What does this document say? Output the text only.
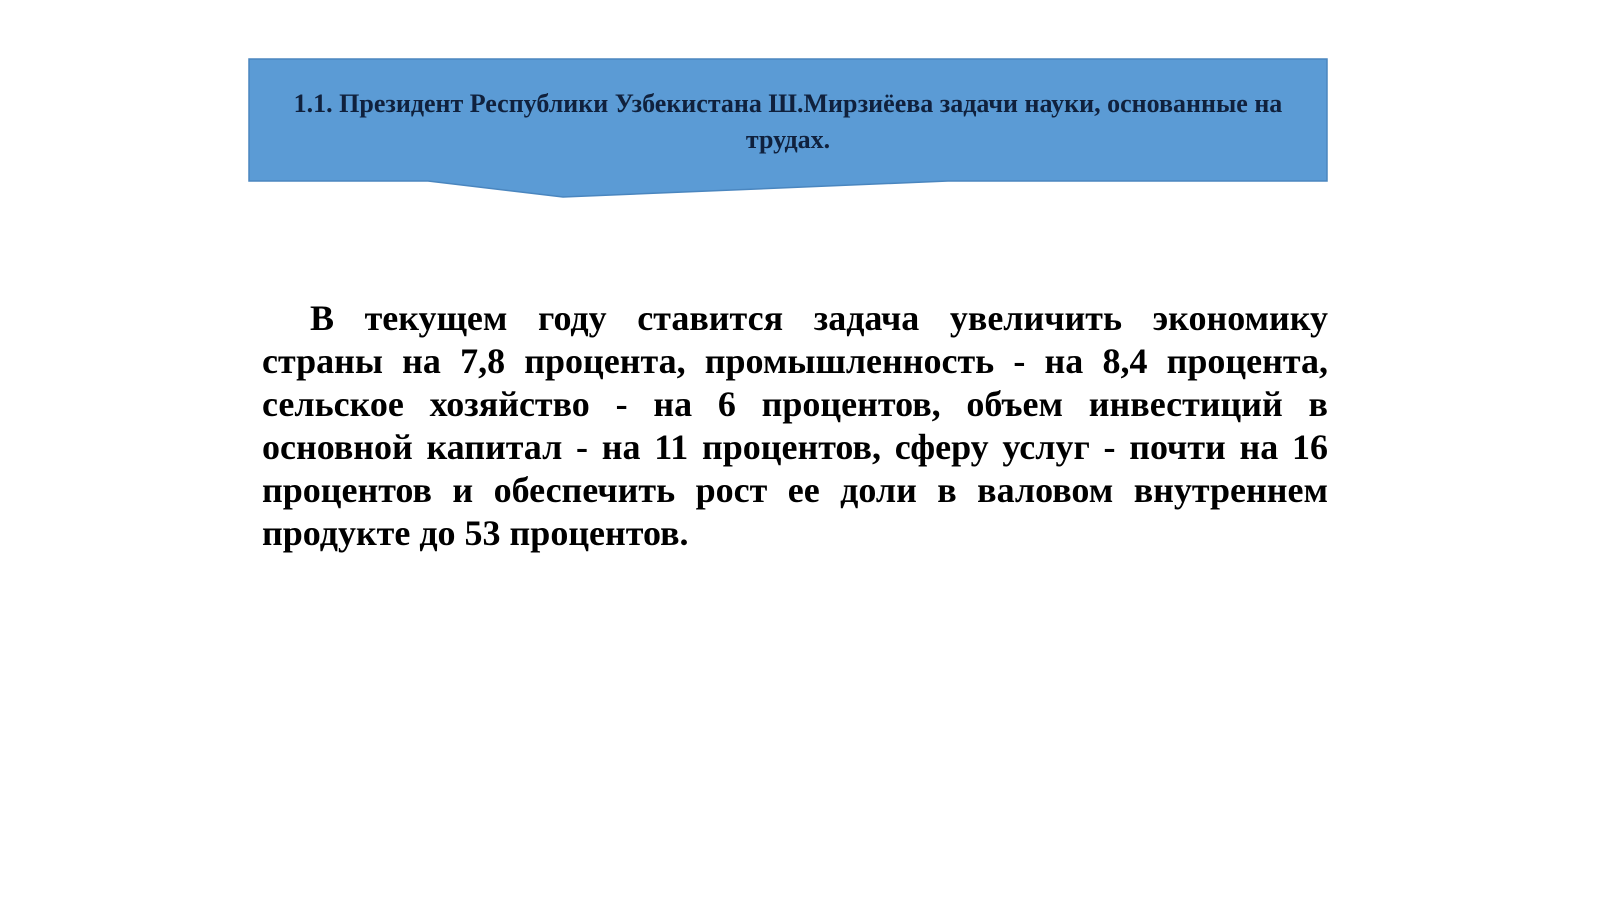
1.1. Президент Республики Узбекистана Ш.Мирзиёева задачи науки, основанные на трудах.

В текущем году ставится задача увеличить экономику страны на 7,8 процента, промышленность - на 8,4 процента, сельское хозяйство - на 6 процентов, объем инвестиций в основной капитал - на 11 процентов, сферу услуг - почти на 16 процентов и обеспечить рост ее доли в валовом внутреннем продукте до 53 процентов.
